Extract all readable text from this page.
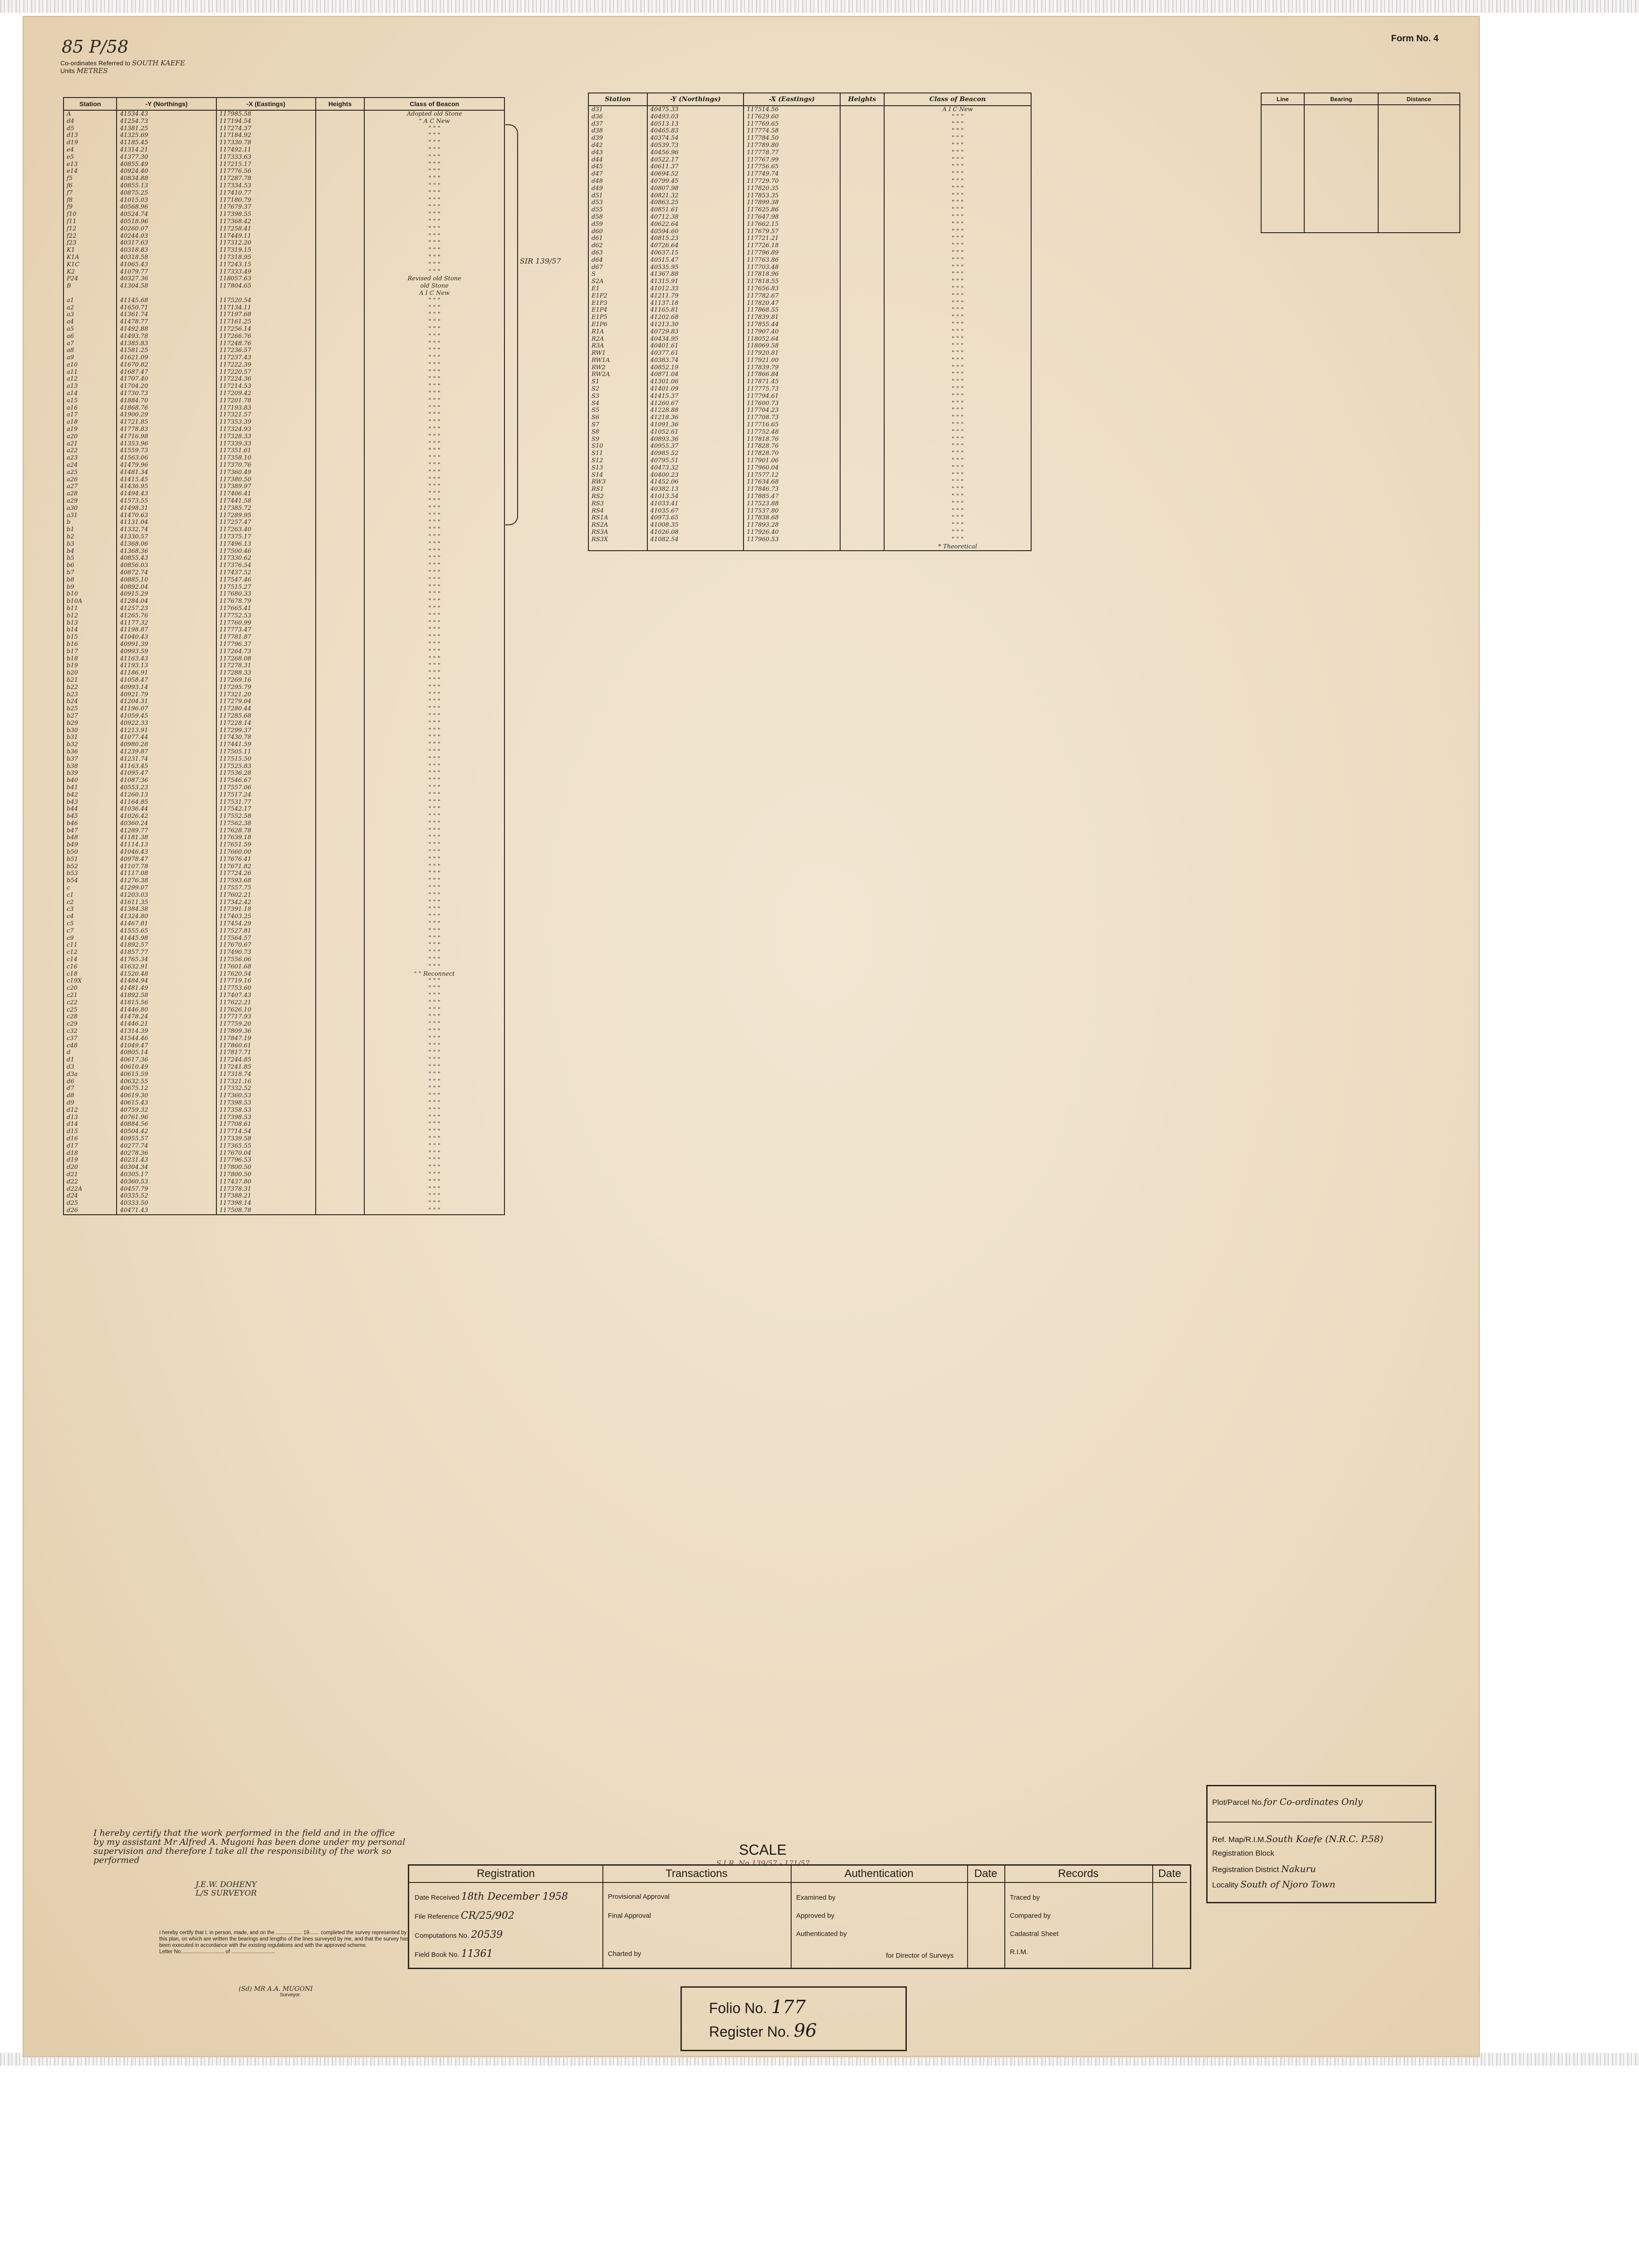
Form No. 4
85 P/58
Co-ordinates Referred to SOUTH KAEFE
Units METRES
Station	-Y (Northings)	-X (Eastings)	Heights	Class of Beacon
A	41534.43	117985.58		Adopted old Stone
d4	41254.73	117194.54		" A C New
d5	41381.25	117274.37		" " "
d13	41325.69	117184.92		" " "
d19	41185.45	117330.78		" " "
e4	41314.21	117492.11		" " "
e5	41377.30	117333.63		" " "
e13	40855.49	117215.17		" " "
e14	40924.40	117776.56		" " "
f5	40834.88	117287.78		" " "
f6	40855.13	117334.53		" " "
f7	40875.25	117410.77		" " "
f8	41015.03	117180.79		" " "
f9	40568.96	117679.37		" " "
f10	40524.74	117398.55		" " "
f11	40518.96	117368.42		" " "
f12	40260.07	117258.41		" " "
f22	40244.03	117449.11		" " "
f23	40317.63	117312.20		" " "
K1	40318.83	117319.15		" " "
K1A	40318.58	117318.95		" " "
K1C	41065.43	117243.15		" " "
K2	41079.77	117333.49		" " "
P24	40327.36	118057.63		Revised old Stone
B	41304.58	117804.65		old Stone
				A I C New
a1	41145.68	117520.54		" " "
a2	41650.71	117134.11		" " "
a3	41361.74	117197.68		" " "
a4	41478.77	117161.25		" " "
a5	41492.88	117256.14		" " "
a6	41493.78	117266.76		" " "
a7	41385.83	117248.76		" " "
a8	41581.25	117236.57		" " "
a9	41621.09	117237.43		" " "
a10	41670.82	117222.39		" " "
a11	41687.47	117220.57		" " "
a12	41707.40	117224.36		" " "
a13	41704.20	117214.53		" " "
a14	41730.73	117209.42		" " "
a15	41884.70	117201.78		" " "
a16	41868.76	117193.83		" " "
a17	41900.29	117321.57		" " "
a18	41721.85	117353.39		" " "
a19	41778.83	117324.93		" " "
a20	41716.98	117328.33		" " "
a21	41353.96	117339.33		" " "
a22	41559.73	117351.61		" " "
a23	41563.06	117358.10		" " "
a24	41479.96	117370.76		" " "
a25	41481.34	117360.49		" " "
a26	41415.45	117380.50		" " "
a27	41436.95	117389.97		" " "
a28	41494.43	117406.41		" " "
a29	41573.55	117441.58		" " "
a30	41498.31	117385.72		" " "
a31	41470.63	117289.95		" " "
b	41131.04	117257.47		" " "
b1	41332.74	117263.40		" " "
b2	41330.57	117375.17		" " "
b3	41368.06	117496.13		" " "
b4	41368.36	117500.46		" " "
b5	40855.43	117330.62		" " "
b6	40856.03	117376.54		" " "
b7	40872.74	117437.52		" " "
b8	40885.10	117547.46		" " "
b9	40892.04	117515.27		" " "
b10	40915.29	117680.33		" " "
b10A	41284.04	117678.79		" " "
b11	41257.23	117665.41		" " "
b12	41265.76	117752.53		" " "
b13	41177.32	117760.99		" " "
b14	41198.87	117773.47		" " "
b15	41040.43	117781.87		" " "
b16	40991.39	117796.37		" " "
b17	40993.59	117264.73		" " "
b18	41163.43	117268.08		" " "
b19	41193.13	117278.31		" " "
b20	41186.91	117288.33		" " "
b21	41058.47	117269.16		" " "
b22	40993.14	117295.79		" " "
b23	40921.79	117321.20		" " "
b24	41204.31	117279.04		" " "
b25	41196.07	117280.44		" " "
b27	41059.45	117285.68		" " "
b29	40922.33	117228.14		" " "
b30	41213.91	117299.37		" " "
b31	41077.44	117430.78		" " "
b32	40980.28	117441.59		" " "
b36	41239.87	117505.11		" " "
b37	41231.74	117515.50		" " "
b38	41163.45	117525.83		" " "
b39	41095.47	117536.28		" " "
b40	41087.36	117546.67		" " "
b41	40553.23	117557.06		" " "
b42	41260.13	117517.24		" " "
b43	41164.85	117531.77		" " "
b44	41036.44	117542.17		" " "
b45	41026.42	117552.58		" " "
b46	40360.24	117562.38		" " "
b47	41289.77	117628.78		" " "
b48	41181.38	117639.18		" " "
b49	41114.13	117651.59		" " "
b50	41046.43	117660.00		" " "
b51	40978.47	117676.41		" " "
b52	41107.78	117671.82		" " "
b53	41117.08	117724.26		" " "
b54	41276.38	117593.68		" " "
c	41299.07	117557.75		" " "
c1	41203.03	117602.21		" " "
c2	41611.35	117342.42		" " "
c3	41384.38	117391.18		" " "
c4	41324.80	117403.25		" " "
c5	41467.81	117454.29		" " "
c7	41555.65	117527.81		" " "
c9	41445.98	117564.57		" " "
c11	41892.57	117670.67		" " "
c12	41857.77	117490.73		" " "
c14	41765.34	117556.06		" " "
c16	41632.91	117601.68		" " "
c18	41520.48	117620.54		" " Reconnect
c19X	41484.94	117719.16		" " "
c20	41481.49	117753.60		" " "
c21	41892.58	117407.43		" " "
c22	41815.56	117622.21		" " "
c25	41446.80	117626.10		" " "
c28	41478.24	117717.93		" " "
c29	41446.21	117759.20		" " "
c32	41314.39	117809.36		" " "
c37	41544.46	117847.19		" " "
c48	41049.47	117860.61		" " "
d	40805.14	117817.71		" " "
d1	40617.36	117244.85		" " "
d3	40610.49	117241.85		" " "
d3a	40615.59	117318.74		" " "
d6	40632.55	117321.16		" " "
d7	40675.12	117332.52		" " "
d8	40619.30	117360.53		" " "
d9	40615.43	117398.53		" " "
d12	40759.32	117358.53		" " "
d13	40761.96	117398.53		" " "
d14	40884.56	117708.61		" " "
d15	40504.42	117714.54		" " "
d16	40955.57	117339.58		" " "
d17	40277.74	117365.55		" " "
d18	40278.36	117670.04		" " "
d19	40231.43	117796.53		" " "
d20	40304.34	117800.50		" " "
d21	40305.17	117800.50		" " "
d22	40360.53	117437.80		" " "
d22A	40457.79	117378.31		" " "
d24	40335.52	117388.21		" " "
d25	40333.50	117398.14		" " "
d26	40471.43	117508.78		" " "
SIR 139/57
Station	-Y (Northings)	-X (Eastings)	Heights	Class of Beacon
d31	40475.33	117514.56		A I C New
d36	40493.03	117629.60		" " "
d37	40513.13	117769.65		" " "
d38	40465.83	117774.58		" " "
d39	40374.54	117784.50		" " "
d42	40539.73	117789.80		" " "
d43	40456.96	117778.77		" " "
d44	40522.17	117767.99		" " "
d45	40611.37	117756.65		" " "
d47	40694.52	117749.74		" " "
d48	40799.45	117729.70		" " "
d49	40807.98	117820.35		" " "
d51	40821.32	117853.35		" " "
d53	40863.25	117899.38		" " "
d55	40851.61	117625.86		" " "
d58	40712.38	117647.98		" " "
d59	40622.64	117662.15		" " "
d60	40594.60	117679.57		" " "
d61	40815.23	117721.21		" " "
d62	40726.64	117726.18		" " "
d63	40637.15	117796.89		" " "
d64	40515.47	117763.86		" " "
d67	40535.95	117703.48		" " "
S	41367.88	117818.96		" " "
S2A	41315.91	117818.55		" " "
E1	41012.33	117656.83		" " "
E1P2	41211.79	117782.67		" " "
E1P3	41137.18	117820.47		" " "
E1P4	41165.81	117868.55		" " "
E1P5	41202.68	117839.81		" " "
E1P6	41213.30	117855.44		" " "
R1A	40729.83	117907.40		" " "
R2A	40434.95	118052.64		" " "
R3A	40401.61	118069.58		" " "
RW1	40377.61	117920.81		" " "
RW1A	40383.74	117921.00		" " "
RW2	40852.19	117839.79		" " "
RW2A	40871.04	117866.84		" " "
S1	41301.06	117871.45		" " "
S2	41401.09	117775.73		" " "
S3	41415.37	117794.61		" " "
S4	41260.67	117600.73		" " "
S5	41228.88	117704.23		" " "
S6	41218.36	117708.73		" " "
S7	41091.36	117716.65		" " "
S8	41052.61	117752.48		" " "
S9	40893.36	117818.76		" " "
S10	40955.37	117828.76		" " "
S11	40985.52	117828.70		" " "
S12	40795.51	117901.06		" " "
S13	40473.32	117960.04		" " "
S14	40400.23	117577.12		" " "
RW3	41452.06	117634.68		" " "
RS1	40382.13	117846.73		" " "
RS2	41013.54	117885.47		" " "
RS3	41033.41	117523.88		" " "
RS4	41035.67	117537.80		" " "
RS1A	40973.65	117838.68		" " "
RS2A	41008.35	117893.28		" " "
RS3A	41026.08	117926.40		" " "
RS3X	41082.54	117960.53		" " "
				* Theoretical
Line	Bearing	Distance

I hereby certify that the work performed in the field and in the office by my assistant Mr Alfred A. Mugoni has been done under my personal supervision and therefore I take all the responsibility of the work so performed
J.E.W. DOHENY
L/S SURVEYOR
I hereby certify that I, in person, made, and on the .................. 19....... completed the survey represented by this plan, on which are written the bearings and lengths of the lines surveyed by me, and that the survey has been executed in accordance with the existing regulations and with the approved scheme.
Letter No.............................. of ..............................
(Sd) MR A.A. MUGONI
Surveyor.
SCALE
S.I.R. No 139/57 - 171/57
Registration
Date Received 18th December 1958
File Reference CR/25/902
Computations No. 20539
Field Book No. 11361
Transactions
Provisional Approval
Final Approval
Charted by
Authentication
Examined by
Approved by
Authenticated by
for Director of Surveys
Date	Records
Traced by
Compared by
Cadastral Sheet
R.I.M.
Date
Plot/Parcel No.for Co-ordinates Only
Ref. Map/R.I.M.South Kaefe (N.R.C. P.58)
Registration Block
Registration District Nakuru
Locality South of Njoro Town
Folio No. 177
Register No. 96
